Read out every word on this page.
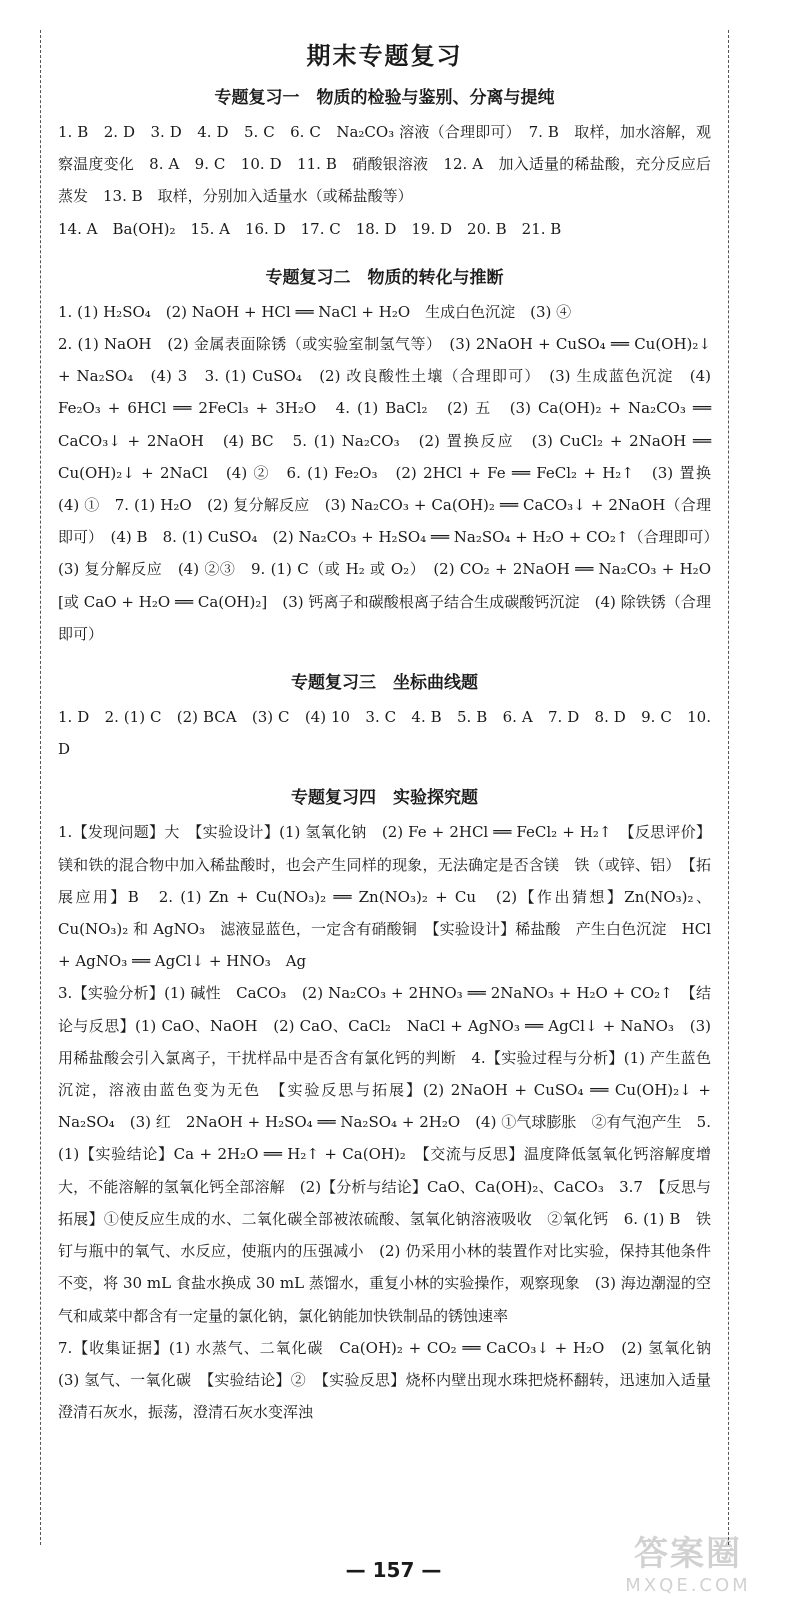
期末专题复习
专题复习一　物质的检验与鉴别、分离与提纯

1. B　2. D　3. D　4. D　5. C　6. C　Na₂CO₃ 溶液（合理即可）　7. B　取样，加水溶解，观察温度变化　8. A　9. C　10. D　11. B　硝酸银溶液　12. A　加入适量的稀盐酸，充分反应后蒸发　13. B　取样，分别加入适量水（或稀盐酸等）

14. A　Ba(OH)₂　15. A　16. D　17. C　18. D　19. D　20. B　21. B

专题复习二　物质的转化与推断

1. (1) H₂SO₄　(2) NaOH + HCl ══ NaCl + H₂O　生成白色沉淀　(3) ④

2. (1) NaOH　(2) 金属表面除锈（或实验室制氢气等）　(3) 2NaOH + CuSO₄ ══ Cu(OH)₂↓ + Na₂SO₄　(4) 3　3. (1) CuSO₄　(2) 改良酸性土壤（合理即可）　(3) 生成蓝色沉淀　(4) Fe₂O₃ + 6HCl ══ 2FeCl₃ + 3H₂O　4. (1) BaCl₂　(2) 五　(3) Ca(OH)₂ + Na₂CO₃ ══ CaCO₃↓ + 2NaOH　(4) BC　5. (1) Na₂CO₃　(2) 置换反应　(3) CuCl₂ + 2NaOH ══ Cu(OH)₂↓ + 2NaCl　(4) ②　6. (1) Fe₂O₃　(2) 2HCl + Fe ══ FeCl₂ + H₂↑　(3) 置换　(4) ①　7. (1) H₂O　(2) 复分解反应　(3) Na₂CO₃ + Ca(OH)₂ ══ CaCO₃↓ + 2NaOH（合理即可）　(4) B　8. (1) CuSO₄　(2) Na₂CO₃ + H₂SO₄ ══ Na₂SO₄ + H₂O + CO₂↑（合理即可）　(3) 复分解反应　(4) ②③　9. (1) C（或 H₂ 或 O₂）　(2) CO₂ + 2NaOH ══ Na₂CO₃ + H₂O [或 CaO + H₂O ══ Ca(OH)₂]　(3) 钙离子和碳酸根离子结合生成碳酸钙沉淀　(4) 除铁锈（合理即可）

专题复习三　坐标曲线题

1. D　2. (1) C　(2) BCA　(3) C　(4) 10　3. C　4. B　5. B　6. A　7. D　8. D　9. C　10. D

专题复习四　实验探究题

1.【发现问题】大　【实验设计】(1) 氢氧化钠　(2) Fe + 2HCl ══ FeCl₂ + H₂↑　【反思评价】镁和铁的混合物中加入稀盐酸时，也会产生同样的现象，无法确定是否含镁　铁（或锌、铝）　【拓展应用】B　2. (1) Zn + Cu(NO₃)₂ ══ Zn(NO₃)₂ + Cu　(2)【作出猜想】Zn(NO₃)₂、Cu(NO₃)₂ 和 AgNO₃　滤液显蓝色，一定含有硝酸铜　【实验设计】稀盐酸　产生白色沉淀　HCl + AgNO₃ ══ AgCl↓ + HNO₃　Ag

3.【实验分析】(1) 碱性　CaCO₃　(2) Na₂CO₃ + 2HNO₃ ══ 2NaNO₃ + H₂O + CO₂↑　【结论与反思】(1) CaO、NaOH　(2) CaO、CaCl₂　NaCl + AgNO₃ ══ AgCl↓ + NaNO₃　(3) 用稀盐酸会引入氯离子，干扰样品中是否含有氯化钙的判断　4.【实验过程与分析】(1) 产生蓝色沉淀，溶液由蓝色变为无色　【实验反思与拓展】(2) 2NaOH + CuSO₄ ══ Cu(OH)₂↓ + Na₂SO₄　(3) 红　2NaOH + H₂SO₄ ══ Na₂SO₄ + 2H₂O　(4) ①气球膨胀　②有气泡产生　5. (1)【实验结论】Ca + 2H₂O ══ H₂↑ + Ca(OH)₂　【交流与反思】温度降低氢氧化钙溶解度增大，不能溶解的氢氧化钙全部溶解　(2)【分析与结论】CaO、Ca(OH)₂、CaCO₃　3.7　【反思与拓展】①使反应生成的水、二氧化碳全部被浓硫酸、氢氧化钠溶液吸收　②氧化钙　6. (1) B　铁钉与瓶中的氧气、水反应，使瓶内的压强减小　(2) 仍采用小林的装置作对比实验，保持其他条件不变，将 30 mL 食盐水换成 30 mL 蒸馏水，重复小林的实验操作，观察现象　(3) 海边潮湿的空气和咸菜中都含有一定量的氯化钠，氯化钠能加快铁制品的锈蚀速率

7.【收集证据】(1) 水蒸气、二氧化碳　Ca(OH)₂ + CO₂ ══ CaCO₃↓ + H₂O　(2) 氢氧化钠　(3) 氢气、一氧化碳　【实验结论】②　【实验反思】烧杯内壁出现水珠把烧杯翻转，迅速加入适量澄清石灰水，振荡，澄清石灰水变浑浊

— 157 —	答案圈
MXQE.COM
